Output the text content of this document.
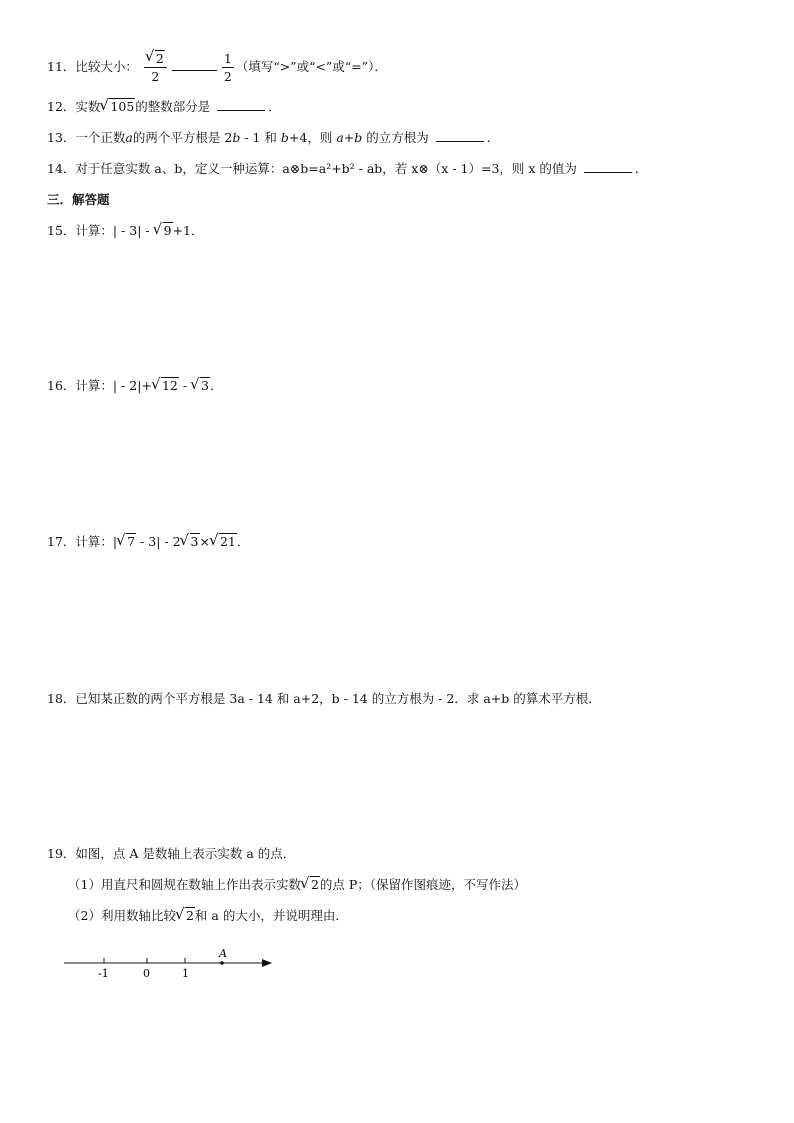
11．比较大小： √ $\frac{2}{2}$	$\frac{1}{2}$ （填写“>”或“<”或“=”）．
12．实数 √ 105的整数部分是	．
13．一个正数a的两个平方根是 2b - 1 和 b+4，则 a+b 的立方根为	．
14．对于任意实数 a、b，定义一种运算：a⊗b=a²+b² - ab，若 x⊗（x - 1）=3，则 x 的值为	．
三．解答题
15．计算：| - 3| - √ 9+1．
16．计算：| - 2|+ √ 12 - √ 3．
17．计算：| √ 7 - 3| - 2 √ 3× √ 21．
18．已知某正数的两个平方根是 3a - 14 和 a+2，b - 14 的立方根为 - 2．求 a+b 的算术平方根．
19．如图，点 A 是数轴上表示实数 a 的点．
（1）用直尺和圆规在数轴上作出表示实数 √ 2的点 P；（保留作图痕迹，不写作法）
（2）利用数轴比较 √ 2和 a 的大小，并说明理由．
-1	0	1
A
